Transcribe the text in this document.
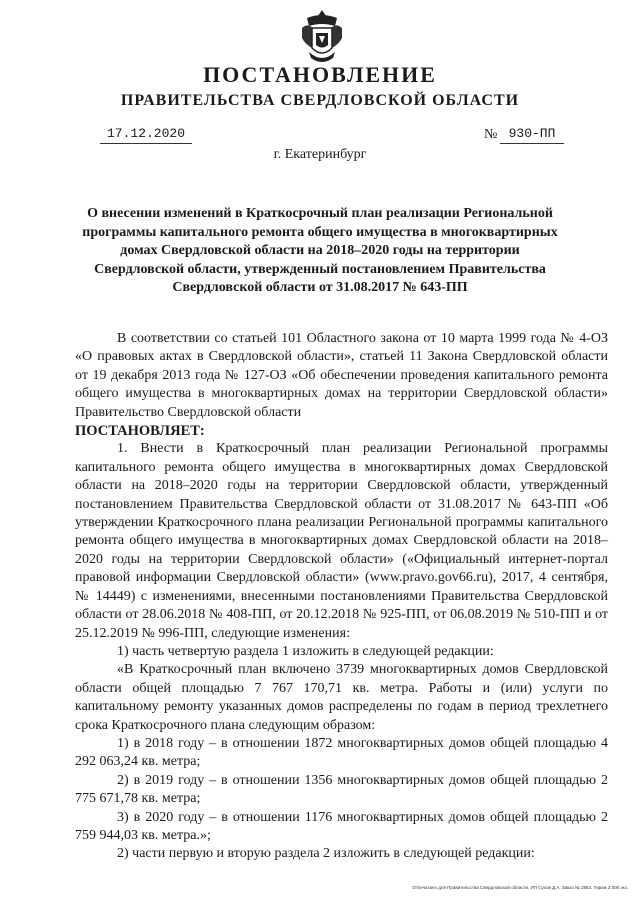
ПОСТАНОВЛЕНИЕ
ПРАВИТЕЛЬСТВА СВЕРДЛОВСКОЙ ОБЛАСТИ
17.12.2020	№ 930-ПП
г. Екатеринбург
О внесении изменений в Краткосрочный план реализации Региональной программы капитального ремонта общего имущества в многоквартирных домах Свердловской области на 2018–2020 годы на территории Свердловской области, утвержденный постановлением Правительства Свердловской области от 31.08.2017 № 643-ПП

В соответствии со статьей 101 Областного закона от 10 марта 1999 года № 4-ОЗ «О правовых актах в Свердловской области», статьей 11 Закона Свердловской области от 19 декабря 2013 года № 127-ОЗ «Об обеспечении проведения капитального ремонта общего имущества в многоквартирных домах на территории Свердловской области» Правительство Свердловской области

ПОСТАНОВЛЯЕТ:

1. Внести в Краткосрочный план реализации Региональной программы капитального ремонта общего имущества в многоквартирных домах Свердловской области на 2018–2020 годы на территории Свердловской области, утвержденный постановлением Правительства Свердловской области от 31.08.2017 № 643-ПП «Об утверждении Краткосрочного плана реализации Региональной программы капитального ремонта общего имущества в многоквартирных домах Свердловской области на 2018–2020 годы на территории Свердловской области» («Официальный интернет-портал правовой информации Свердловской области» (www.pravo.gov66.ru), 2017, 4 сентября, № 14449) с изменениями, внесенными постановлениями Правительства Свердловской области от 28.06.2018 № 408-ПП, от 20.12.2018 № 925-ПП, от 06.08.2019 № 510-ПП и от 25.12.2019 № 996-ПП, следующие изменения:

1) часть четвертую раздела 1 изложить в следующей редакции:

«В Краткосрочный план включено 3739 многоквартирных домов Свердловской области общей площадью 7 767 170,71 кв. метра. Работы и (или) услуги по капитальному ремонту указанных домов распределены по годам в период трехлетнего срока Краткосрочного плана следующим образом:

1) в 2018 году – в отношении 1872 многоквартирных домов общей площадью 4 292 063,24 кв. метра;

2) в 2019 году – в отношении 1356 многоквартирных домов общей площадью 2 775 671,78 кв. метра;

3) в 2020 году – в отношении 1176 многоквартирных домов общей площадью 2 759 944,03 кв. метра.»;

2) части первую и вторую раздела 2 изложить в следующей редакции:

Отпечатано для Правительства Свердловской области. ИП Сухов Д.А. Заказ № 2863. Тираж 2 000 экз.
